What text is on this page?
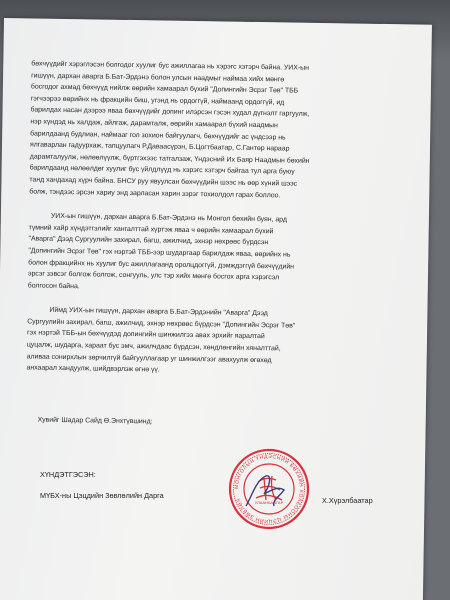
бөхчүүдийг хэрэглэсэн болгодог хуулиг бус ажиллагаа нь хэрэгс хэтэрч байна. УИХ-ын
гишүүн, дархан аварга Б.Бат-Эрдэнэ болон улсын наадмыг наймаа хийх мөнгө
босгодог ахмад бөхчүүд нийлж өөрийн хамаарал бүхий "Допингийн Эсрэг Төв" ТББ
гэгчээрээ өөрийнх нь фракцийн биш, угэнд нь ордоггүй, наймаанд ордоггүй, ид
барилдах насан дээрээ яваа бөхчүүдийг допинг илэрсэн гэсэн худал дүгнэлт гаргуулж,
нэр хүндэд нь халдаж, айлгаж, дарамталж, өөрийн хамаарал бүхий наадмын
барилдаанд будлиан, наймааг гол зохион байгуулагч, бөхчүүдийг ас үндсээр нь
ялгаварлан гадуурхаж, тапцуулагч Р.Даваасүрэн, Б.Цогтбаатар, С.Гантөр нараар
дарамталуулж, нөлөөлүүлж, бүртгэхээс татгалзаж, Үндэсний Их Баяр Наадмын бөхийн
барилдаанд нөлөөлдөг хуулиг бус үйлдлүүд нь хэрэгс хэтэрч байгаа тул арга буюу
танд хандахад хүрч байна. БНСУ руу явуулсан бөхчүүдийн шээс нь өөр хүний шээс
болж, тэндээс эрсэн хариу энд зарласан харин зэрэг тохиолдол гарах боллоо.
УИХ-ын гишүүн, дархан аварга Б.Бат-Эрдэнэ нь Монгол бөхийн буян, ард
түмний хайр хүндэтгэлийг хангалттай хүртэж яваа ч өөрийн хамаарал бүхий
"Аварга" Дээд Сургуулийн захирал, багш, ажилчид, эхнэр нөхрөөс бүрдсэн
"Допингийн Эсрэг Төв" гэх нэртэй ТББ-ээр шударгаар барилдаж яваа, өөрийнх нь
болон фракцийнх нь хуулиг бус ажиллагаанд оролцдоггүй, дэмждэггүй бөхчүүдийн
эрсэг зэвсэг болгож болгож, сонгууль, улс тэр хийх мөнгө босгох арга хэрэгсэл
болгосон байна.
Иймд УИХ-ын гишүүн, дархан аварга Б.Бат-Эрдэнийн "Аварга" Дээд
Сургуулийн захирал, багш, ажилчид, эхнэр нөхрөөс бүрдсэн "Допингийн Эсрэг Төв"
гэх нэртэй ТББ-ын бөхчүүдэд допингийн шинжилгээ авах эрхийг яаралтай
цуцалж, шударга, хараат бус эмч, ажилчдаас бүрдсэн, хөндлөнгийн хяналттай,
аливаа сонирхлын зөрчилгүй байгууллагаар уг шинжилгээг авахуулж өгөхөд
анхаарал хандуулж, шийдвэрлэж өгнө үү.
Хувийг Шадар Сайд Ө.Энхтүвшинд:
ХҮНДЭТГЭСЭН:
МҮБХ-ны Цэцдийн Зөвлөлийн Дарга
Х.Хүрэлбаатар
МОНГОЛЫН ҮНДЭСНИЙ БӨХИЙН ХОЛБООНЫ ЦЭЦИЙН ЗӨВЛӨЛ	УЛААНБААТАР
